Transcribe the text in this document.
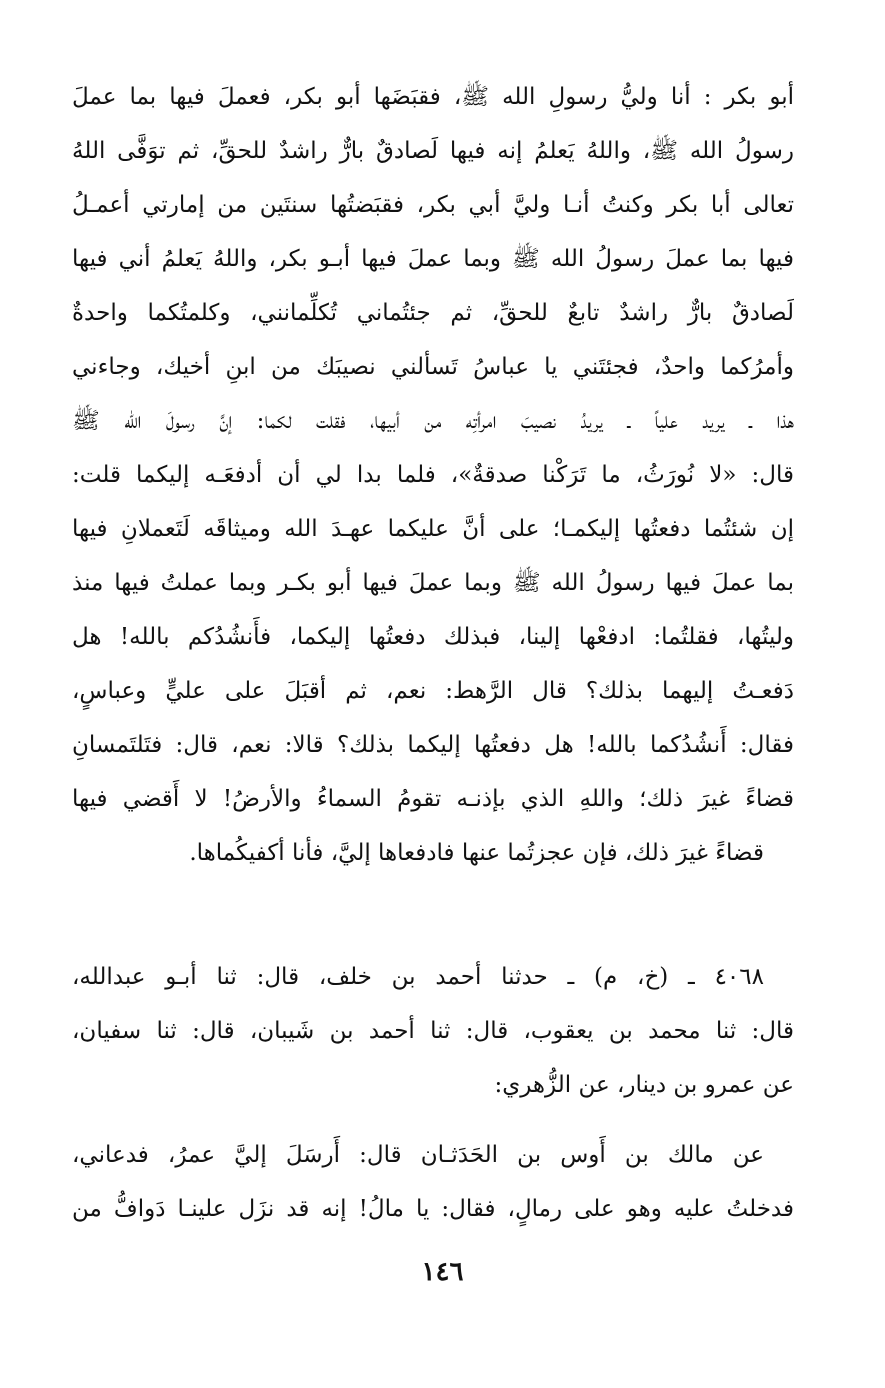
أبو بكر : أنا وليُّ رسولِ الله ﷺ، فقبَضَها أبو بكر، فعملَ فيها بما عملَ
رسولُ الله ﷺ، واللهُ يَعلمُ إنه فيها لَصادقٌ بارٌّ راشدٌ للحقِّ، ثم توَفَّى اللهُ
تعالى أبا بكر وكنتُ أنـا وليَّ أبي بكر، فقبَضتُها سنتَين من إمارتي أعمـلُ
فيها بما عملَ رسولُ الله ﷺ وبما عملَ فيها أبـو بكر، واللهُ يَعلمُ أني فيها
لَصادقٌ بارٌّ راشدٌ تابعٌ للحقِّ، ثم جئتُماني تُكلِّمانني، وكلمتُكما واحدةٌ
وأمرُكما واحدٌ، فجئتَني يا عباسُ تَسألني نصيبَك من ابنِ أخيك، وجاءني
هذا ـ يريد علياً ـ يريدُ نصيبَ امرأتِه من أبيها، فقلت لكما: إنَّ رسولَ الله ﷺ
قال: «لا نُورَثُ، ما تَرَكْنا صدقةٌ»، فلما بدا لي أن أدفعَـه إليكما قلت:
إن شئتُما دفعتُها إليكمـا؛ على أنَّ عليكما عهـدَ الله وميثاقَه لَتَعملانِ فيها
بما عملَ فيها رسولُ الله ﷺ وبما عملَ فيها أبو بكـر وبما عملتُ فيها منذ
وليتُها، فقلتُما: ادفعْها إلينا، فبذلك دفعتُها إليكما، فأَنشُدُكم بالله! هل
دَفعـتُ إليهما بذلك؟ قال الرَّهط: نعم، ثم أقبَلَ على عليٍّ وعباسٍ،
فقال: أَنشُدُكما بالله! هل دفعتُها إليكما بذلك؟ قالا: نعم، قال: فتَلتَمسانِ
قضاءً غيرَ ذلك؛ واللهِ الذي بإذنـه تقومُ السماءُ والأرضُ! لا أَقضي فيها
قضاءً غيرَ ذلك، فإن عجزتُما عنها فادفعاها إليَّ، فأنا أكفيكُماها.
٤٠٦٨ ـ (خ، م) ـ حدثنا أحمد بن خلف، قال: ثنا أبـو عبدالله،
قال: ثنا محمد بن يعقوب، قال: ثنا أحمد بن شَيبان، قال: ثنا سفيان،
عن عمرو بن دينار، عن الزُّهري:
عن مالك بن أَوس بن الحَدَثـان قال: أَرسَلَ إليَّ عمرُ، فدعاني،
فدخلتُ عليه وهو على رمالٍ، فقال: يا مالُ! إنه قد نزَل علينـا دَوافُّ من
١٤٦
